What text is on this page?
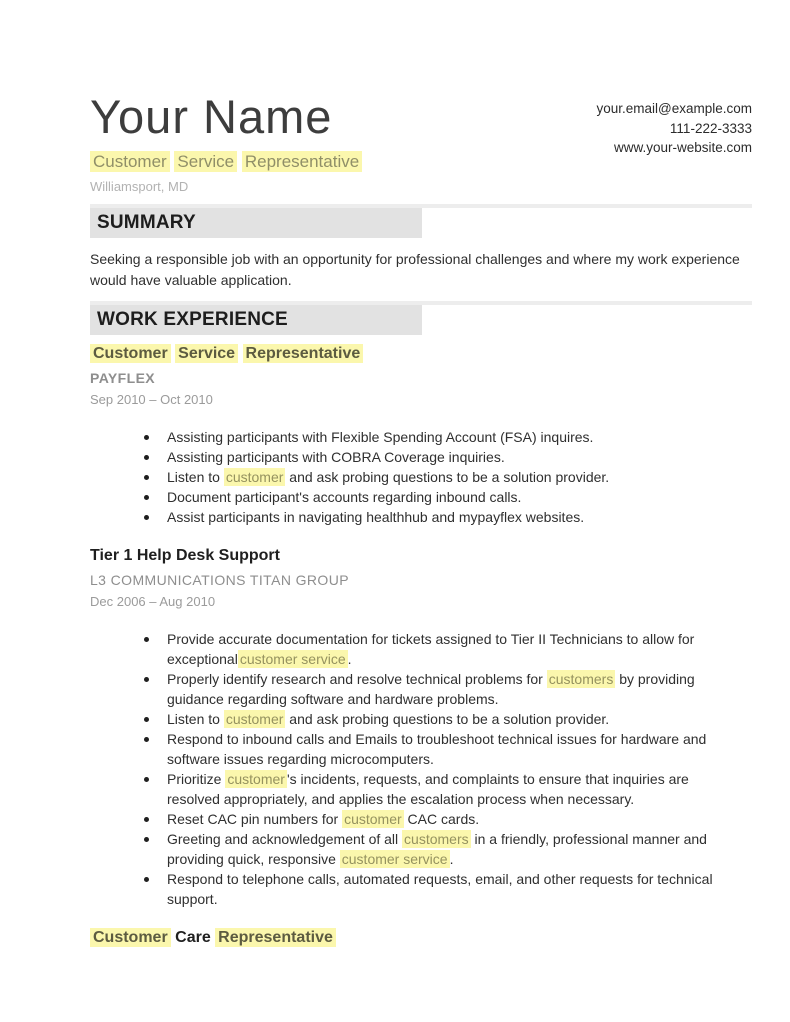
Your Name
Customer Service Representative
Williamsport, MD
your.email@example.com
111-222-3333
www.your-website.com
SUMMARY

Seeking a responsible job with an opportunity for professional challenges and where my work experience would have valuable application.

WORK EXPERIENCE
Customer Service Representative
PAYFLEX
Sep 2010 – Oct 2010
Assisting participants with Flexible Spending Account (FSA) inquires.
Assisting participants with COBRA Coverage inquiries.
Listen to customer and ask probing questions to be a solution provider.
Document participant's accounts regarding inbound calls.
Assist participants in navigating healthhub and mypayflex websites.
Tier 1 Help Desk Support
L3 COMMUNICATIONS TITAN GROUP
Dec 2006 – Aug 2010
Provide accurate documentation for tickets assigned to Tier II Technicians to allow for exceptional customer service .
Properly identify research and resolve technical problems for customers by providing guidance regarding software and hardware problems.
Listen to customer and ask probing questions to be a solution provider.
Respond to inbound calls and Emails to troubleshoot technical issues for hardware and software issues regarding microcomputers.
Prioritize customer 's incidents, requests, and complaints to ensure that inquiries are resolved appropriately, and applies the escalation process when necessary.
Reset CAC pin numbers for customer CAC cards.
Greeting and acknowledgement of all customers in a friendly, professional manner and providing quick, responsive customer service .
Respond to telephone calls, automated requests, email, and other requests for technical support.
Customer Care Representative
